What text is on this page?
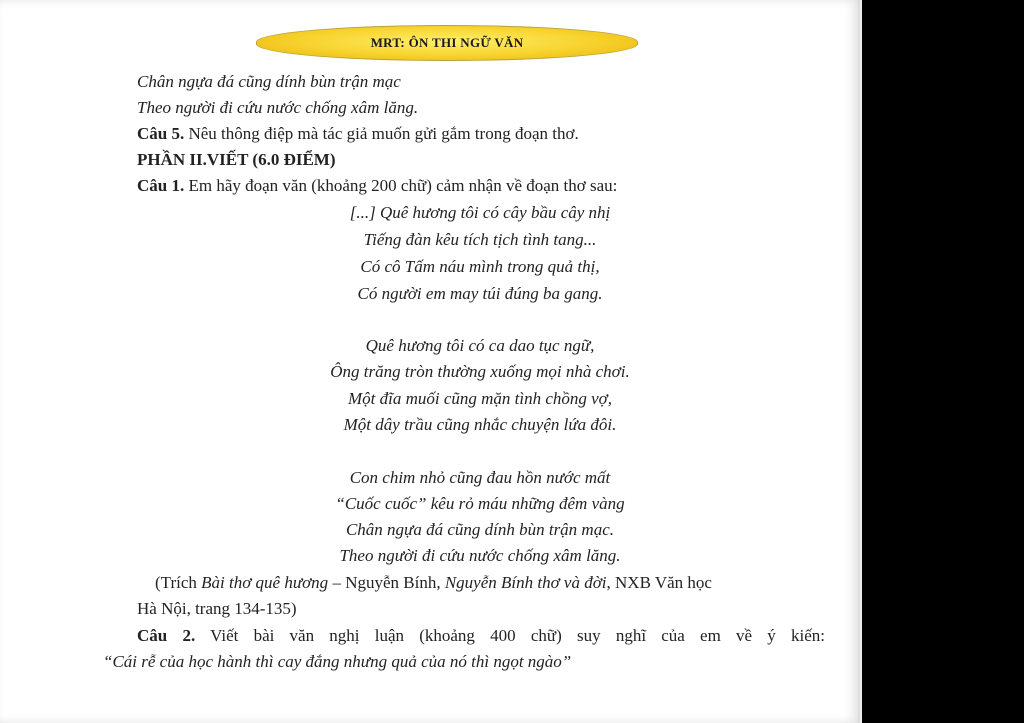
MRT: ÔN THI NGỮ VĂN
Chân ngựa đá cũng dính bùn trận mạc
Theo người đi cứu nước chống xâm lăng.
Câu 5. Nêu thông điệp mà tác giả muốn gửi gắm trong đoạn thơ.
PHẦN II.VIẾT (6.0 ĐIỂM)
Câu 1. Em hãy đoạn văn (khoảng 200 chữ) cảm nhận về đoạn thơ sau:
[...] Quê hương tôi có cây bầu cây nhị
Tiếng đàn kêu tích tịch tình tang...
Có cô Tấm náu mình trong quả thị,
Có người em may túi đúng ba gang.
Quê hương tôi có ca dao tục ngữ,
Ông trăng tròn thường xuống mọi nhà chơi.
Một đĩa muối cũng mặn tình chồng vợ,
Một dây trầu cũng nhắc chuyện lứa đôi.
Con chim nhỏ cũng đau hồn nước mất
“Cuốc cuốc” kêu rỏ máu những đêm vàng
Chân ngựa đá cũng dính bùn trận mạc.
Theo người đi cứu nước chống xâm lăng.
(Trích Bài thơ quê hương – Nguyễn Bính, Nguyễn Bính thơ và đời, NXB Văn học
Hà Nội, trang 134-135)
Câu 2. Viết bài văn nghị luận (khoảng 400 chữ) suy nghĩ của em về ý kiến:
“Cái rễ của học hành thì cay đắng nhưng quả của nó thì ngọt ngào”
